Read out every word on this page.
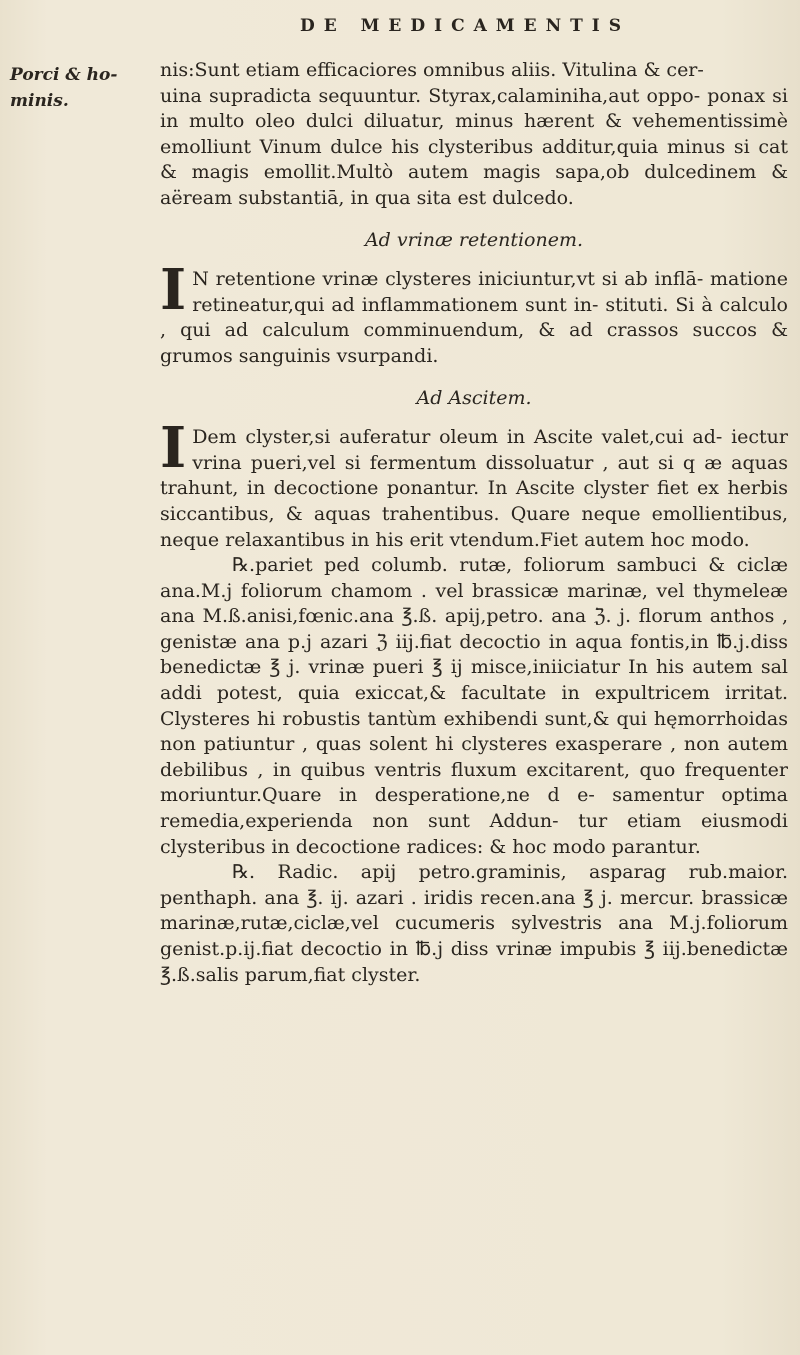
DE MEDICAMENTIS
Porci & ho-
minis.

nis:Sunt etiam efficaciores omnibus aliis. Vitulina & cer-

uina supradicta sequuntur. Styrax,calaminiha,aut oppo- ponax si in multo oleo dulci diluatur, minus hærent & vehementissimè emolliunt Vinum dulce his clysteribus additur,quia minus si cat & magis emollit.Multò autem magis sapa,ob dulcedinem & aëream substantiā, in qua sita est dulcedo.

Ad vrinæ retentionem.

IN retentione vrinæ clysteres iniciuntur,vt si ab inflā- matione retineatur,qui ad inflammationem sunt in- stituti. Si à calculo , qui ad calculum comminuendum, & ad crassos succos & grumos sanguinis vsurpandi.

Ad Ascitem.

IDem clyster,si auferatur oleum in Ascite valet,cui ad- iectur vrina pueri,vel si fermentum dissoluatur , aut si q æ aquas trahunt, in decoctione ponantur. In Ascite clyster fiet ex herbis siccantibus, & aquas trahentibus. Quare neque emollientibus, neque relaxantibus in his erit vtendum.Fiet autem hoc modo.

℞.pariet ped columb. rutæ, foliorum sambuci & ciclæ ana.M.j foliorum chamom . vel brassicæ marinæ, vel thymeleæ ana M.ß.anisi,fœnic.ana ℥.ß. apij,petro. ana ℨ. j. florum anthos , genistæ ana p.j azari ℨ iij.fiat decoctio in aqua fontis,in ℔.j.diss benedictæ ℥ j. vrinæ pueri ℥ ij misce,iniiciatur In his autem sal addi potest, quia exiccat,& facultate in expultricem irritat. Clysteres hi robustis tantùm exhibendi sunt,& qui hęmorrhoidas non patiuntur , quas solent hi clysteres exasperare , non autem debilibus , in quibus ventris fluxum excitarent, quo frequenter moriuntur.Quare in desperatione,ne d e- samentur optima remedia,experienda non sunt Addun- tur etiam eiusmodi clysteribus in decoctione radices: & hoc modo parantur.

℞. Radic. apij petro.graminis, asparag rub.maior. penthaph. ana ℥. ij. azari . iridis recen.ana ℥ j. mercur. brassicæ marinæ,rutæ,ciclæ,vel cucumeris sylvestris ana M.j.foliorum genist.p.ij.fiat decoctio in ℔.j diss vrinæ impubis ℥ iij.benedictæ ℥.ß.salis parum,fiat clyster.
